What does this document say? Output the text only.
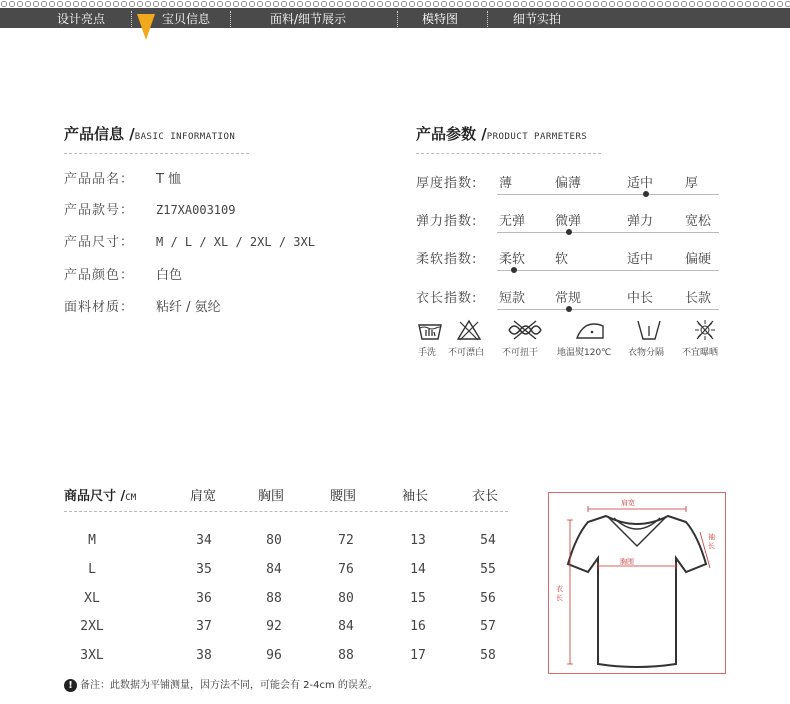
设计亮点	宝贝信息	面料/细节展示	模特图	细节实拍
产品信息 /BASIC INFORMATION
产品品名： T 恤
产品款号： Z17XA003109
产品尺寸： M / L / XL / 2XL / 3XL
产品颜色： 白色
面料材质： 粘纤 / 氨纶
产品参数 /PRODUCT PARMETERS
厚度指数: 薄	偏薄	适中 厚
弹力指数: 无弹 微弹	弹力 宽松
柔软指数: 柔软 软	适中 偏硬
衣长指数: 短款 常规	中长 长款
手洗 不可漂白 不可扭干 地温熨120℃ 衣物分隔 不宜曝晒
商品尺寸 /CM	肩宽	胸围	腰围	袖长	衣长
M	34	80	72	13	54
L	35	84	76	14	55
XL	36	88	80	15	56
2XL	37	92	84	16	57
3XL	38	96	88	17	58
! 备注：此数据为平铺测量，因方法不同，可能会有 2-4cm 的误差。
肩宽
胸围
袖长
衣长
